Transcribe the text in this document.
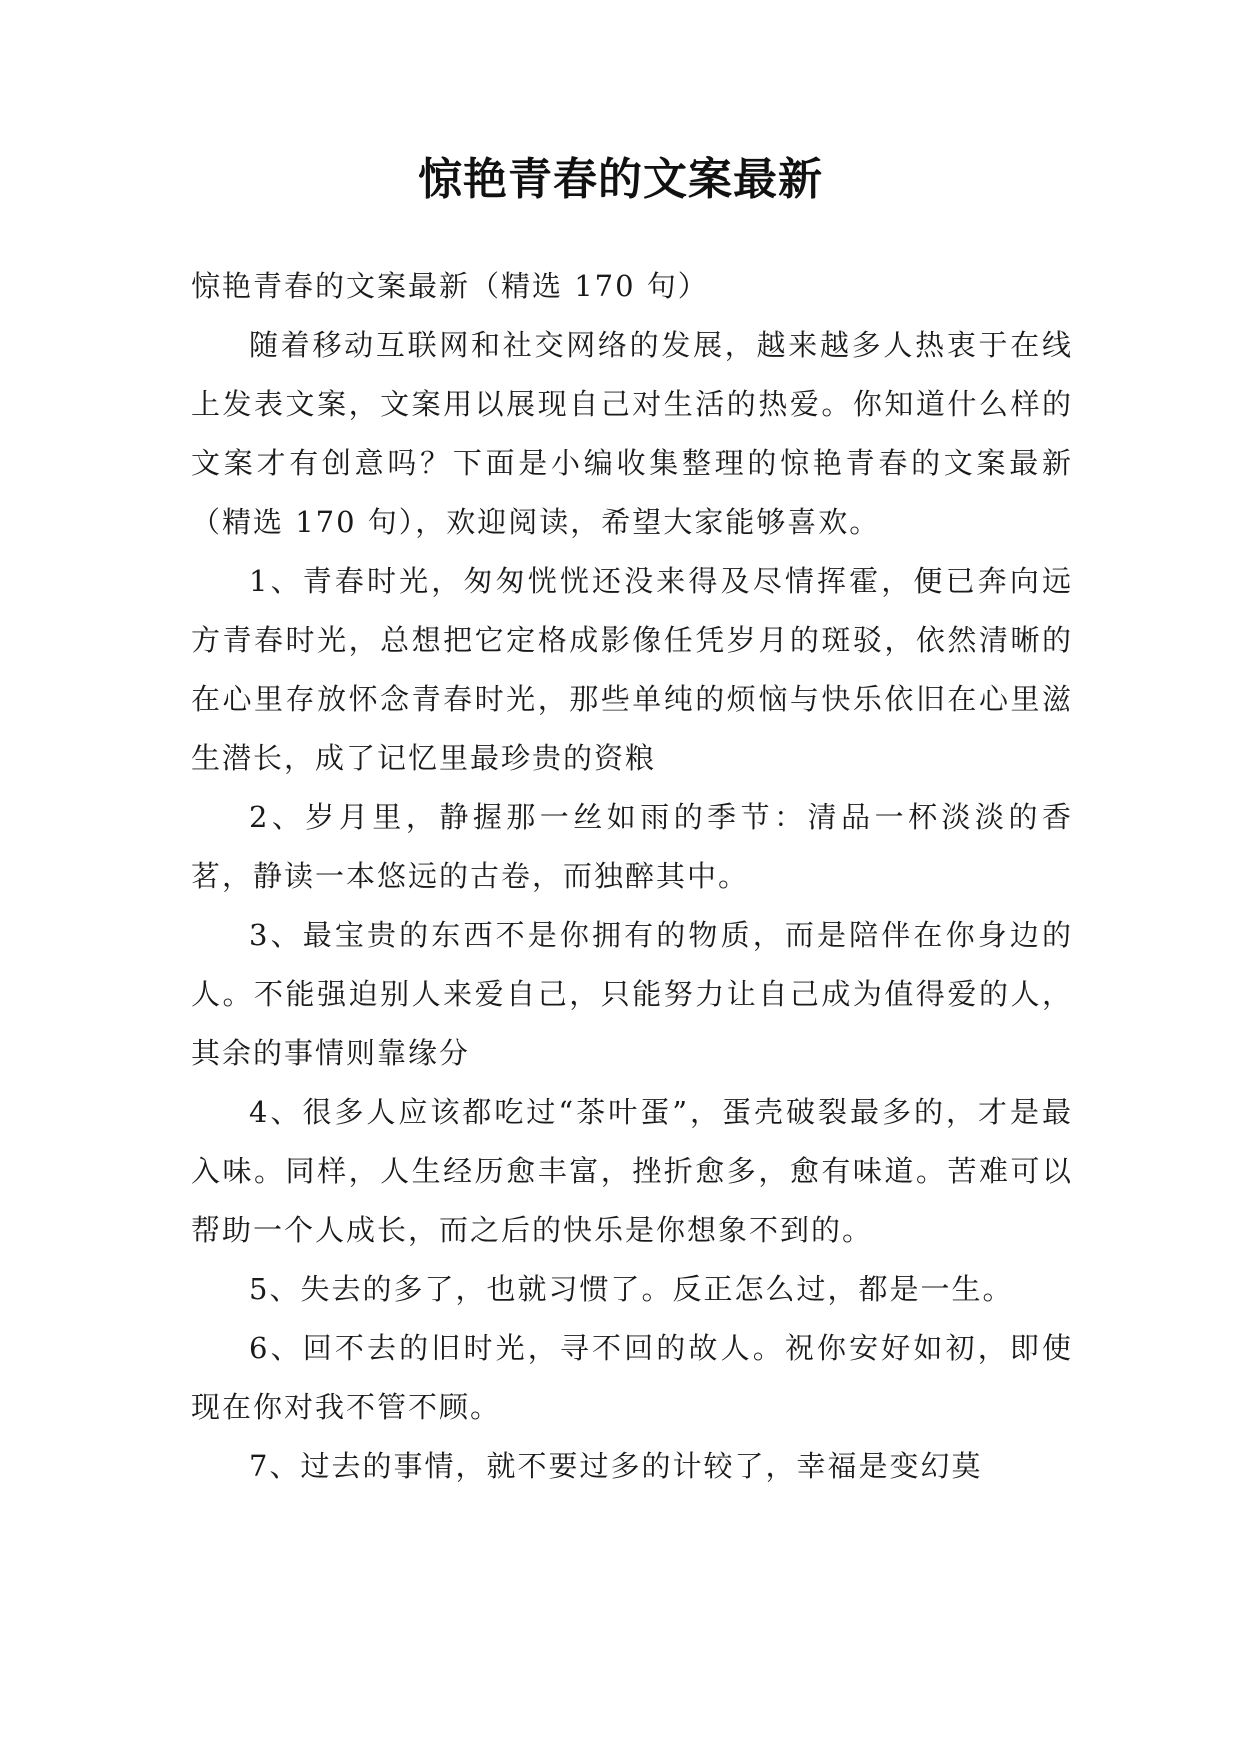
惊艳青春的文案最新

惊艳青春的文案最新（精选 170 句）

随着移动互联网和社交网络的发展，越来越多人热衷于在线上发表文案，文案用以展现自己对生活的热爱。你知道什么样的文案才有创意吗？下面是小编收集整理的惊艳青春的文案最新（精选 170 句），欢迎阅读，希望大家能够喜欢。

1、青春时光，匆匆恍恍还没来得及尽情挥霍，便已奔向远方青春时光，总想把它定格成影像任凭岁月的斑驳，依然清晰的在心里存放怀念青春时光，那些单纯的烦恼与快乐依旧在心里滋生潜长，成了记忆里最珍贵的资粮

2、岁月里，静握那一丝如雨的季节：清品一杯淡淡的香茗，静读一本悠远的古卷，而独醉其中。

3、最宝贵的东西不是你拥有的物质，而是陪伴在你身边的人。不能强迫别人来爱自己，只能努力让自己成为值得爱的人，其余的事情则靠缘分

4、很多人应该都吃过“茶叶蛋”，蛋壳破裂最多的，才是最入味。同样，人生经历愈丰富，挫折愈多，愈有味道。苦难可以帮助一个人成长，而之后的快乐是你想象不到的。

5、失去的多了，也就习惯了。反正怎么过，都是一生。

6、回不去的旧时光，寻不回的故人。祝你安好如初，即使现在你对我不管不顾。

7、过去的事情，就不要过多的计较了，幸福是变幻莫
